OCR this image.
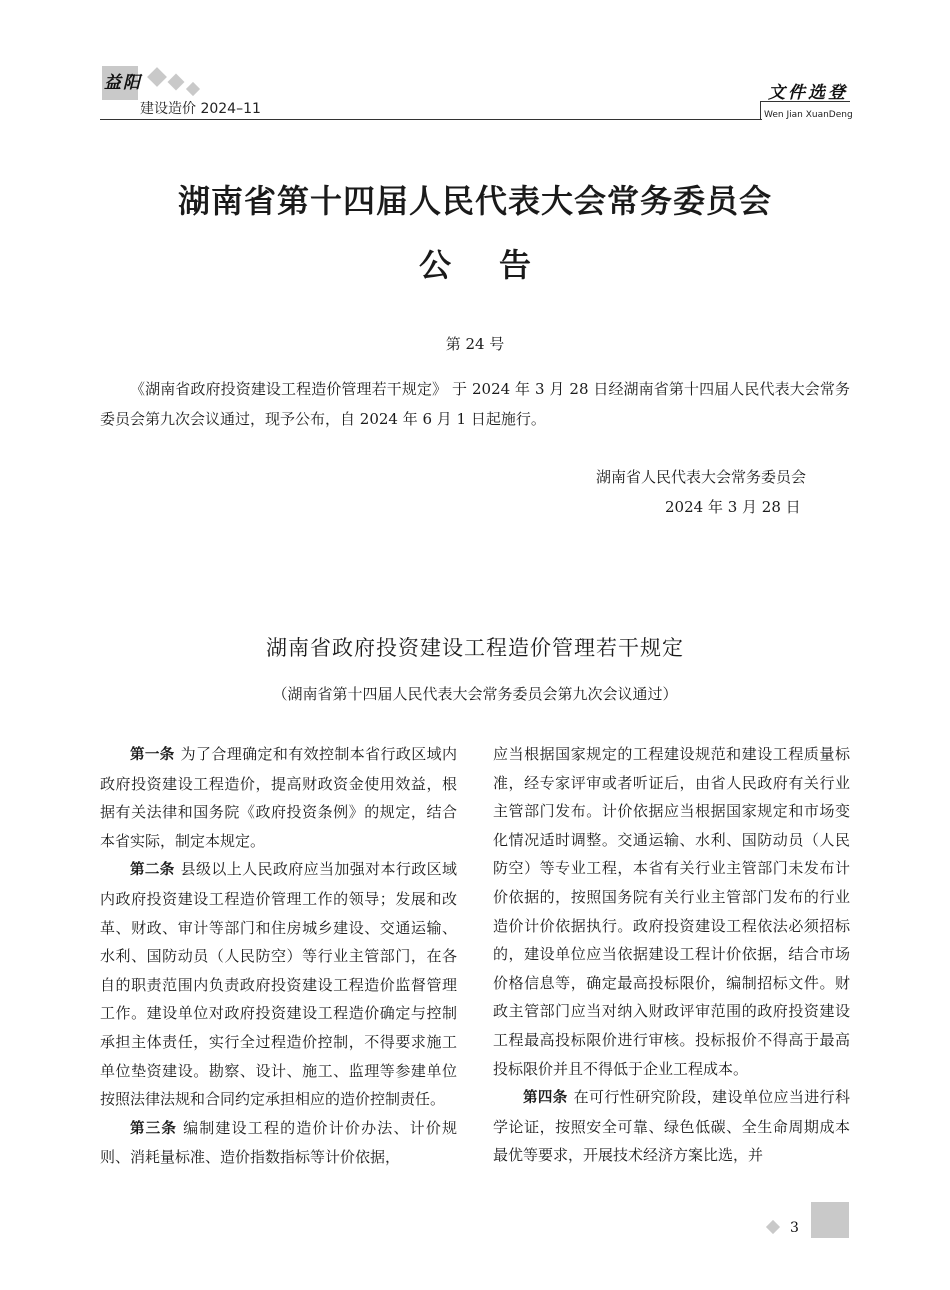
益阳
建设造价 2024–11
文件选登
Wen Jian XuanDeng
湖南省第十四届人民代表大会常务委员会
公告
第 24 号
《湖南省政府投资建设工程造价管理若干规定》 于 2024 年 3 月 28 日经湖南省第十四届人民代表大会常务委员会第九次会议通过，现予公布，自 2024 年 6 月 1 日起施行。
湖南省人民代表大会常务委员会
2024 年 3 月 28 日
湖南省政府投资建设工程造价管理若干规定
（湖南省第十四届人民代表大会常务委员会第九次会议通过）

第一条 为了合理确定和有效控制本省行政区域内政府投资建设工程造价，提高财政资金使用效益，根据有关法律和国务院《政府投资条例》的规定，结合本省实际，制定本规定。

第二条 县级以上人民政府应当加强对本行政区域内政府投资建设工程造价管理工作的领导；发展和改革、财政、审计等部门和住房城乡建设、交通运输、水利、国防动员（人民防空）等行业主管部门，在各自的职责范围内负责政府投资建设工程造价监督管理工作。建设单位对政府投资建设工程造价确定与控制承担主体责任，实行全过程造价控制，不得要求施工单位垫资建设。勘察、设计、施工、监理等参建单位按照法律法规和合同约定承担相应的造价控制责任。

第三条 编制建设工程的造价计价办法、计价规则、消耗量标准、造价指数指标等计价依据，

应当根据国家规定的工程建设规范和建设工程质量标准，经专家评审或者听证后，由省人民政府有关行业主管部门发布。计价依据应当根据国家规定和市场变化情况适时调整。交通运输、水利、国防动员（人民防空）等专业工程，本省有关行业主管部门未发布计价依据的，按照国务院有关行业主管部门发布的行业造价计价依据执行。政府投资建设工程依法必须招标的，建设单位应当依据建设工程计价依据，结合市场价格信息等，确定最高投标限价，编制招标文件。财政主管部门应当对纳入财政评审范围的政府投资建设工程最高投标限价进行审核。投标报价不得高于最高投标限价并且不得低于企业工程成本。

第四条 在可行性研究阶段，建设单位应当进行科学论证，按照安全可靠、绿色低碳、全生命周期成本最优等要求，开展技术经济方案比选，并

3
